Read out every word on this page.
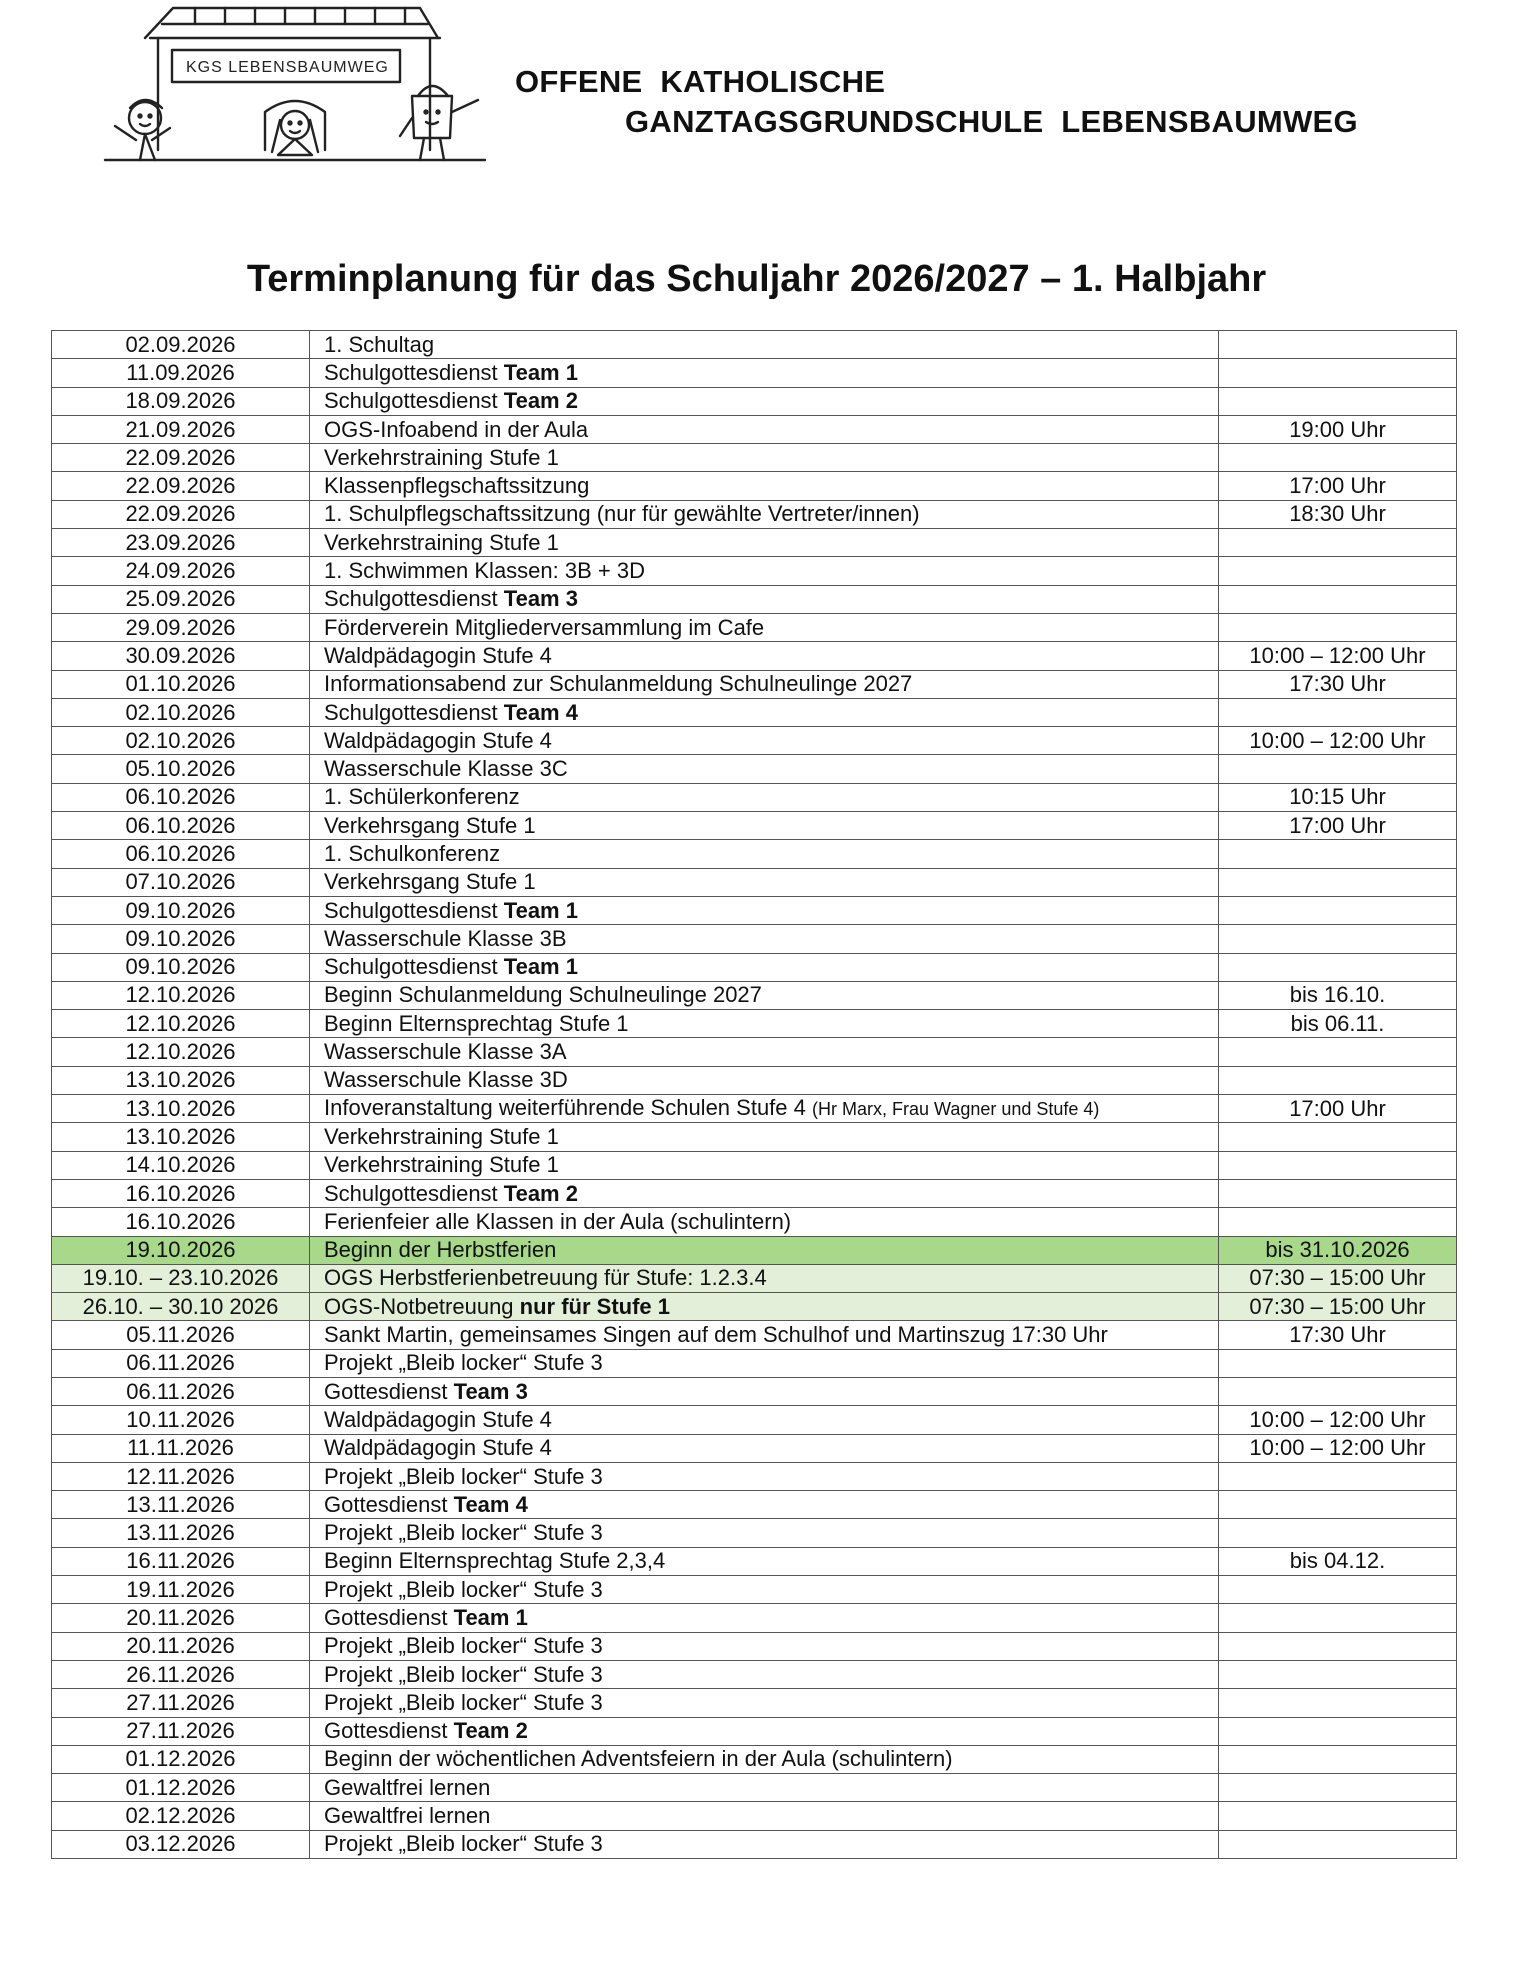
KGS LEBENSBAUMWEG	OFFENE  KATHOLISCHE
GANZTAGSGRUNDSCHULE  LEBENSBAUMWEG
Terminplanung für das Schuljahr 2026/2027 – 1. Halbjahr
02.09.2026	1. Schultag	
11.09.2026	Schulgottesdienst Team 1	
18.09.2026	Schulgottesdienst Team 2	
21.09.2026	OGS-Infoabend in der Aula	19:00 Uhr
22.09.2026	Verkehrstraining Stufe 1	
22.09.2026	Klassenpflegschaftssitzung	17:00 Uhr
22.09.2026	1. Schulpflegschaftssitzung (nur für gewählte Vertreter/innen)	18:30 Uhr
23.09.2026	Verkehrstraining Stufe 1	
24.09.2026	1. Schwimmen Klassen: 3B + 3D	
25.09.2026	Schulgottesdienst Team 3	
29.09.2026	Förderverein Mitgliederversammlung im Cafe	
30.09.2026	Waldpädagogin Stufe 4	10:00 – 12:00 Uhr
01.10.2026	Informationsabend zur Schulanmeldung Schulneulinge 2027	17:30 Uhr
02.10.2026	Schulgottesdienst Team 4	
02.10.2026	Waldpädagogin Stufe 4	10:00 – 12:00 Uhr
05.10.2026	Wasserschule Klasse 3C	
06.10.2026	1. Schülerkonferenz	10:15 Uhr
06.10.2026	Verkehrsgang Stufe 1	17:00 Uhr
06.10.2026	1. Schulkonferenz	
07.10.2026	Verkehrsgang Stufe 1	
09.10.2026	Schulgottesdienst Team 1	
09.10.2026	Wasserschule Klasse 3B	
09.10.2026	Schulgottesdienst Team 1	
12.10.2026	Beginn Schulanmeldung Schulneulinge 2027	bis 16.10.
12.10.2026	Beginn Elternsprechtag Stufe 1	bis 06.11.
12.10.2026	Wasserschule Klasse 3A	
13.10.2026	Wasserschule Klasse 3D	
13.10.2026	Infoveranstaltung weiterführende Schulen Stufe 4 (Hr Marx, Frau Wagner und Stufe 4)	17:00 Uhr
13.10.2026	Verkehrstraining Stufe 1	
14.10.2026	Verkehrstraining Stufe 1	
16.10.2026	Schulgottesdienst Team 2	
16.10.2026	Ferienfeier alle Klassen in der Aula (schulintern)	
19.10.2026	Beginn der Herbstferien	bis 31.10.2026
19.10. – 23.10.2026	OGS Herbstferienbetreuung für Stufe: 1.2.3.4	07:30 – 15:00 Uhr
26.10. – 30.10 2026	OGS-Notbetreuung nur für Stufe 1	07:30 – 15:00 Uhr
05.11.2026	Sankt Martin, gemeinsames Singen auf dem Schulhof und Martinszug 17:30 Uhr	17:30 Uhr
06.11.2026	Projekt „Bleib locker“ Stufe 3	
06.11.2026	Gottesdienst Team 3	
10.11.2026	Waldpädagogin Stufe 4	10:00 – 12:00 Uhr
11.11.2026	Waldpädagogin Stufe 4	10:00 – 12:00 Uhr
12.11.2026	Projekt „Bleib locker“ Stufe 3	
13.11.2026	Gottesdienst Team 4	
13.11.2026	Projekt „Bleib locker“ Stufe 3	
16.11.2026	Beginn Elternsprechtag Stufe 2,3,4	bis 04.12.
19.11.2026	Projekt „Bleib locker“ Stufe 3	
20.11.2026	Gottesdienst Team 1	
20.11.2026	Projekt „Bleib locker“ Stufe 3	
26.11.2026	Projekt „Bleib locker“ Stufe 3	
27.11.2026	Projekt „Bleib locker“ Stufe 3	
27.11.2026	Gottesdienst Team 2	
01.12.2026	Beginn der wöchentlichen Adventsfeiern in der Aula (schulintern)	
01.12.2026	Gewaltfrei lernen	
02.12.2026	Gewaltfrei lernen	
03.12.2026	Projekt „Bleib locker“ Stufe 3	
